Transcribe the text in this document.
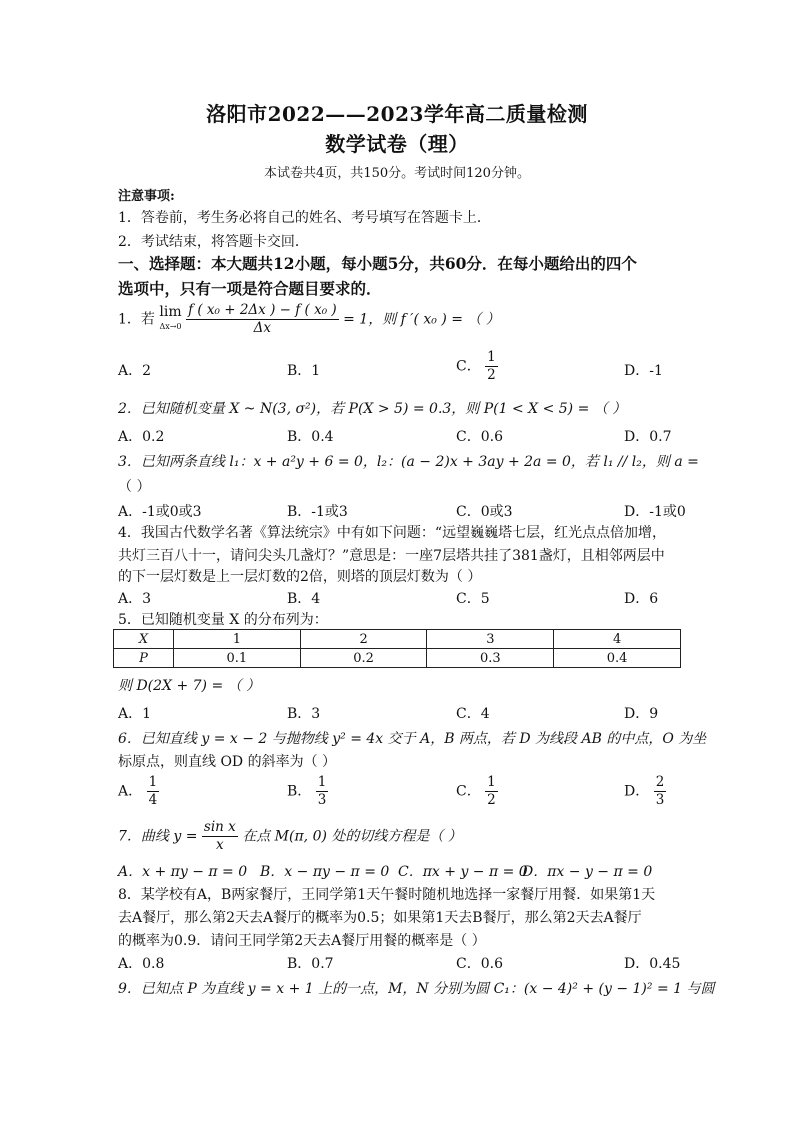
洛阳市2022——2023学年高二质量检测
数学试卷（理）
本试卷共4页，共150分。考试时间120分钟。
注意事项:
1．答卷前，考生务必将自己的姓名、考号填写在答题卡上．
2．考试结束，将答题卡交回．
一、选择题：本大题共12小题，每小题5分，共60分．在每小题给出的四个
选项中，只有一项是符合题目要求的．
1．若 lim
$\Delta x\to 0 \frac{\text{f ( x₀ + 2Δx ) − f ( x₀ )}}{\Delta x} = 1$，则 f ′( x₀ ) = （ ）
A．2	B．1	C． $\frac{1}{2}$	D．-1
2．已知随机变量 X ~ N(3, σ²)，若 P(X > 5) = 0.3，则 P(1 < X < 5) = （ ）
A．0.2	B．0.4	C．0.6	D．0.7
3．已知两条直线 l₁：x + a²y + 6 = 0，l₂：(a − 2)x + 3ay + 2a = 0，若 l₁ // l₂，则 a =
（ ）
A．-1或0或3	B．-1或3	C．0或3	D．-1或0
4．我国古代数学名著《算法统宗》中有如下问题：“远望巍巍塔七层，红光点点倍加增，
共灯三百八十一，请问尖头几盏灯？”意思是：一座7层塔共挂了381盏灯，且相邻两层中
的下一层灯数是上一层灯数的2倍，则塔的顶层灯数为（ ）
A．3	B．4	C．5	D．6
5．已知随机变量 X 的分布列为：
X	1	2	3	4
P	0.1	0.2	0.3	0.4
则 D(2X + 7) = （ ）
A．1	B．3	C．4	D．9
6．已知直线 y = x − 2 与抛物线 y² = 4x 交于 A，B 两点，若 D 为线段 AB 的中点，O 为坐
标原点，则直线 OD 的斜率为（ ）
A． $\frac{1}{4}$	B． $\frac{1}{3}$	C． $\frac{1}{2}$	D． $\frac{2}{3}$
7．曲线 $y = \frac{\text{sin x}}{x}$ 在点 M(π, 0) 处的切线方程是（ ）
A．x + πy − π = 0 B．x − πy − π = 0 C．πx + y − π = 0
D．πx − y − π = 0
8．某学校有A，B两家餐厅，王同学第1天午餐时随机地选择一家餐厅用餐．如果第1天
去A餐厅，那么第2天去A餐厅的概率为0.5；如果第1天去B餐厅，那么第2天去A餐厅
的概率为0.9．请问王同学第2天去A餐厅用餐的概率是（ ）
A．0.8	B．0.7	C．0.6	D．0.45
9．已知点 P 为直线 y = x + 1 上的一点，M，N 分别为圆 C₁：(x − 4)² + (y − 1)² = 1 与圆
